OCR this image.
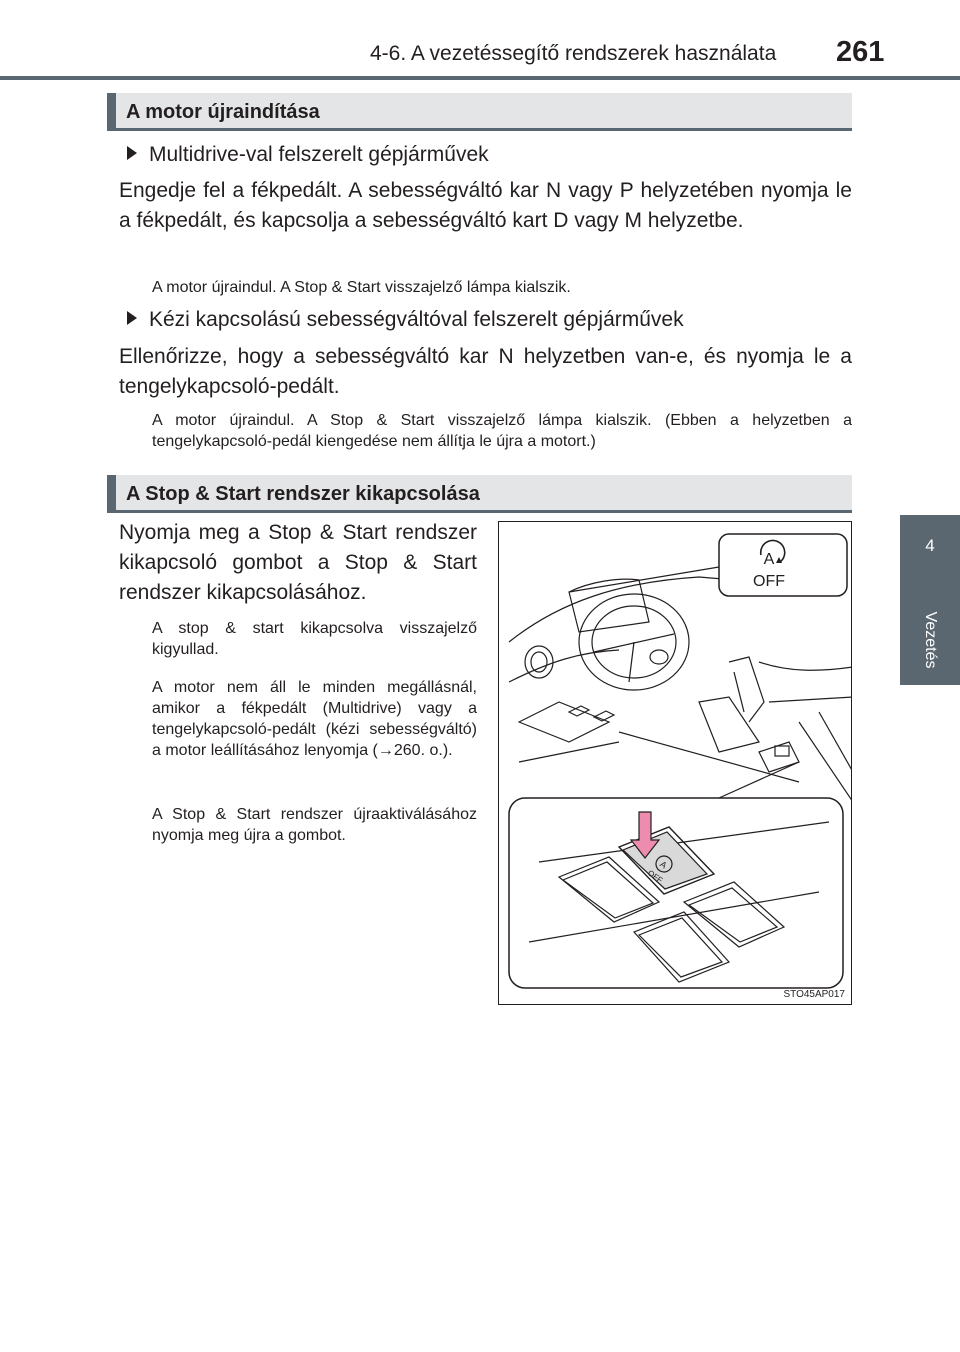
4-6. A vezetéssegítő rendszerek használata 261
4
Vezetés
A motor újraindítása
Multidrive-val felszerelt gépjárművek
Engedje fel a fékpedált. A sebességváltó kar N vagy P helyzetében nyomja le a fékpedált, és kapcsolja a sebességváltó kart D vagy M helyzetbe.
A motor újraindul. A Stop & Start visszajelző lámpa kialszik.
Kézi kapcsolású sebességváltóval felszerelt gépjárművek
Ellenőrizze, hogy a sebességváltó kar N helyzetben van-e, és nyomja le a tengelykapcsoló-pedált.
A motor újraindul. A Stop & Start visszajelző lámpa kialszik. (Ebben a helyzetben a tengelykapcsoló-pedál kiengedése nem állítja le újra a motort.)
A Stop & Start rendszer kikapcsolása
Nyomja meg a Stop & Start rendszer kikapcsoló gombot a Stop & Start rendszer kikapcsolásához.
A stop & start kikapcsolva visszajelző kigyullad.
A motor nem áll le minden megállásnál, amikor a fékpedált (Multidrive) vagy a tengelykapcsoló-pedált (kézi sebességváltó) a motor leállításához lenyomja (→260. o.).
A Stop & Start rendszer újraaktiválásához nyomja meg újra a gombot.
A
OFF
A
OFF
STO45AP017
